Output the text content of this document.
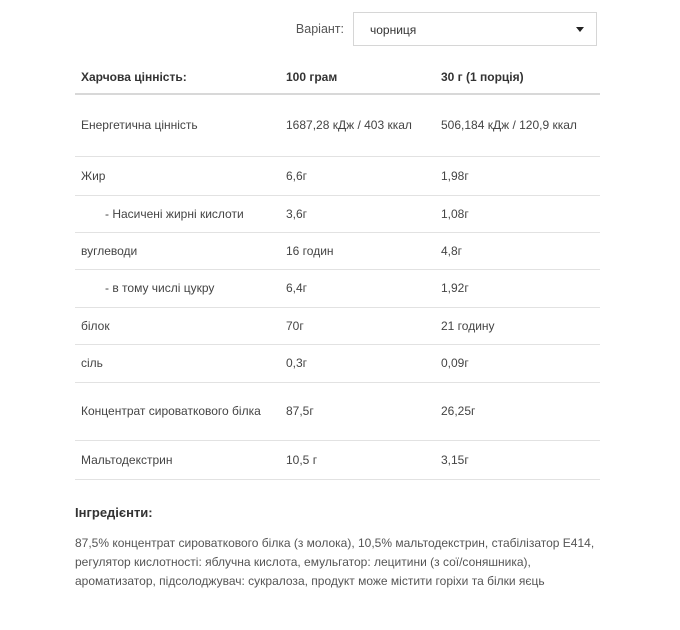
Варіант: чорниця
Харчова цінність:	100 грам	30 г (1 порція)
Енергетична цінність	1687,28 кДж / 403 ккал	506,184 кДж / 120,9 ккал
Жир	6,6г	1,98г
- Насичені жирні кислоти	3,6г	1,08г
вуглеводи	16 годин	4,8г
- в тому числі цукру	6,4г	1,92г
білок	70г	21 годину
сіль	0,3г	0,09г
Концентрат сироваткового білка	87,5г	26,25г
Мальтодекстрин	10,5 г	3,15г

Інгредієнти:

87,5% концентрат сироваткового білка (з молока), 10,5% мальтодекстрин, стабілізатор Е414, регулятор кислотності: яблучна кислота, емульгатор: лецитини (з сої/соняшника), ароматизатор, підсолоджувач: сукралоза, продукт може містити горіхи та білки яєць
